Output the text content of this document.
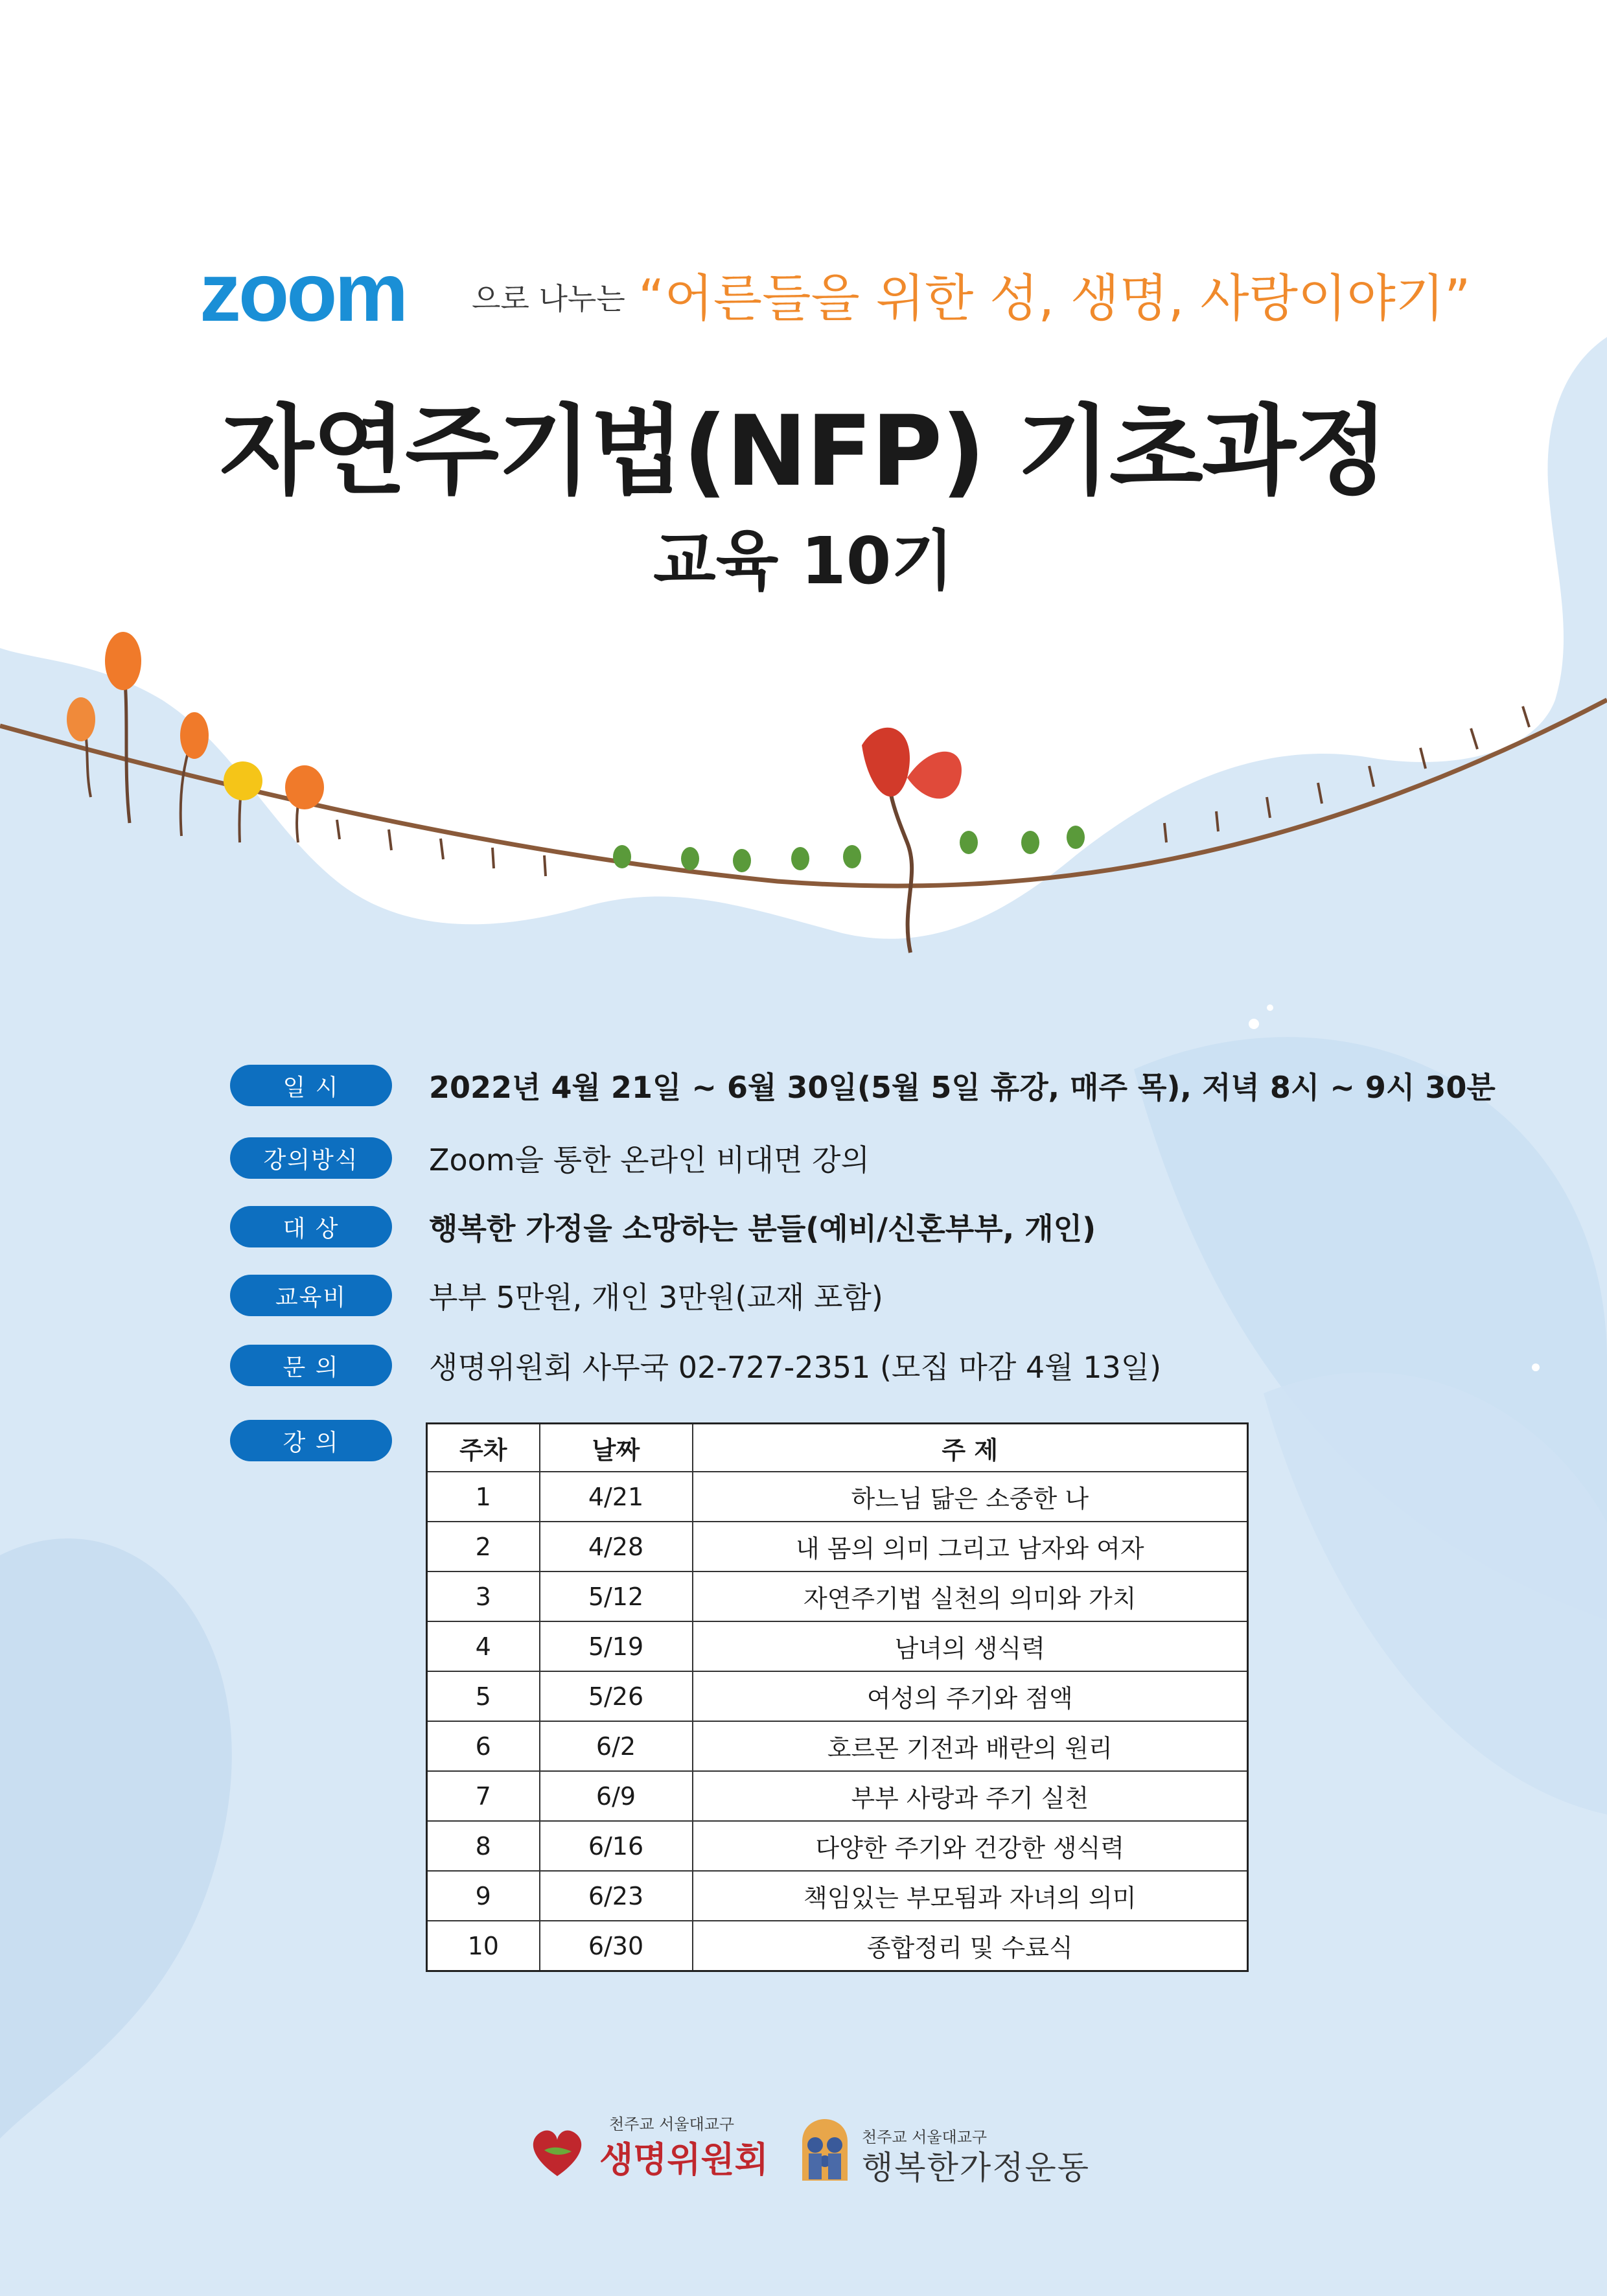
zoom 으로 나누는 “어른들을 위한 성, 생명, 사랑이야기”
자연주기법(NFP) 기초과정
교육 10기
일 시	2022년 4월 21일 ~ 6월 30일(5월 5일 휴강, 매주 목), 저녁 8시 ~ 9시 30분
강의방식	Zoom을 통한 온라인 비대면 강의
대 상	행복한 가정을 소망하는 분들(예비/신혼부부, 개인)
교육비	부부 5만원, 개인 3만원(교재 포함)
문 의	생명위원회 사무국 02-727-2351 (모집 마감 4월 13일)
강 의	주차	날짜	주 제
1	4/21	하느님 닮은 소중한 나
2	4/28	내 몸의 의미 그리고 남자와 여자
3	5/12	자연주기법 실천의 의미와 가치
4	5/19	남녀의 생식력
5	5/26	여성의 주기와 점액
6	6/2	호르몬 기전과 배란의 원리
7	6/9	부부 사랑과 주기 실천
8	6/16	다양한 주기와 건강한 생식력
9	6/23	책임있는 부모됨과 자녀의 의미
10	6/30	종합정리 및 수료식
천주교 서울대교구
생명위원회
천주교 서울대교구
행복한가정운동
